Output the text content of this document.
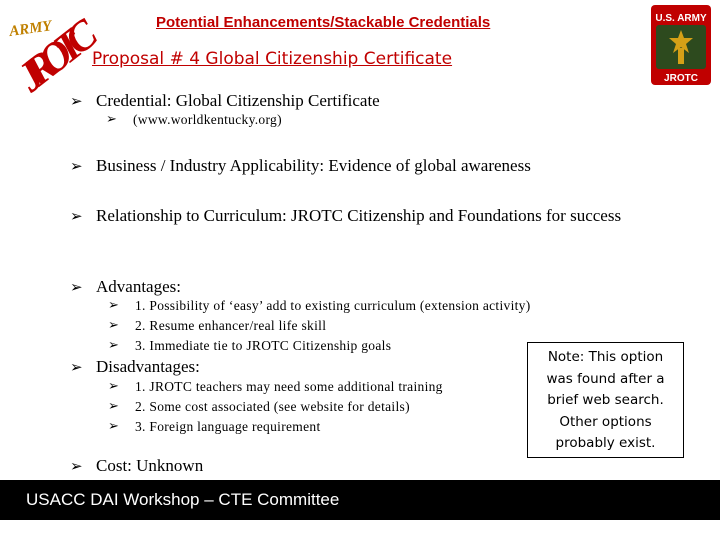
ARMY
JROTC	U.S. ARMY
JROTC
Potential Enhancements/Stackable Credentials
Proposal # 4 Global Citizenship Certificate
➢ Credential: Global Citizenship Certificate
➢ (www.worldkentucky.org)
➢ Business / Industry Applicability: Evidence of global awareness
➢ Relationship to Curriculum: JROTC Citizenship and Foundations for success
➢ Advantages:
➢ 1. Possibility of ‘easy’ add to existing curriculum (extension activity)
➢ 2. Resume enhancer/real life skill
➢ 3. Immediate tie to JROTC Citizenship goals
➢ Disadvantages:
➢ 1. JROTC teachers may need some additional training
➢ 2. Some cost associated (see website for details)
➢ 3. Foreign language requirement
➢ Cost: Unknown
Note: This option
was found after a
brief web search.
Other options
probably exist.
USACC DAI Workshop – CTE Committee
